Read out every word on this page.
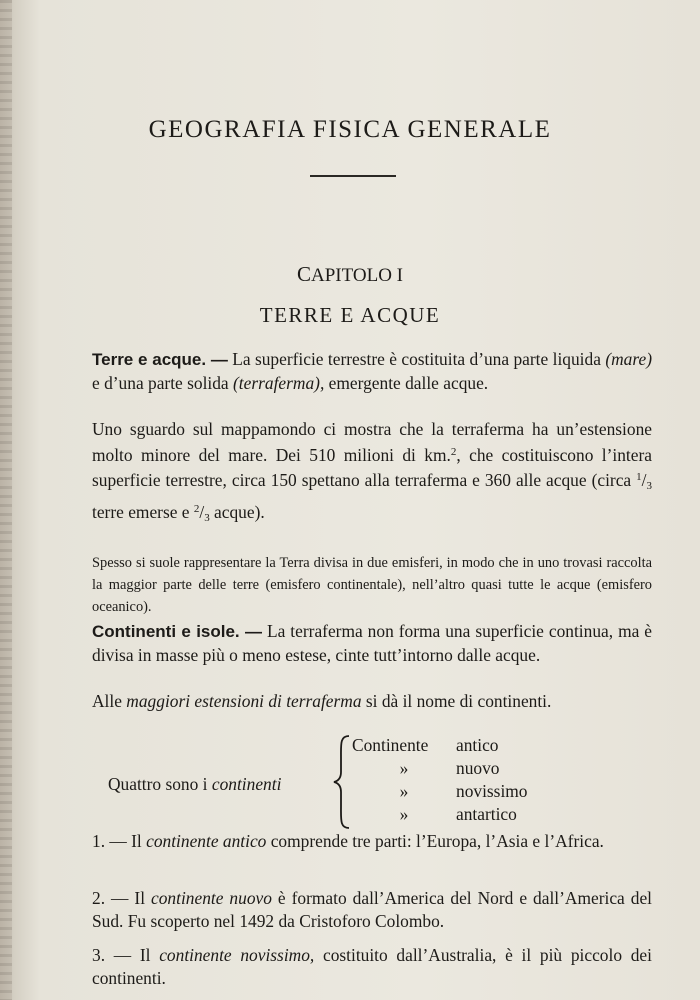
GEOGRAFIA FISICA GENERALE
CAPITOLO I
TERRE E ACQUE
Terre e acque. — La superficie terrestre è costituita d’una parte liquida (mare) e d’una parte solida (terraferma), emergente dalle acque.
Uno sguardo sul mappamondo ci mostra che la terraferma ha un’estensione molto minore del mare. Dei 510 milioni di km.$^2$, che costituiscono l’intera superficie terrestre, circa 150 spettano alla terraferma e 360 alle acque (circa $^1/_3$ terre emerse e $^2/_3$ acque).
Spesso si suole rappresentare la Terra divisa in due emisferi, in modo che in uno trovasi raccolta la maggior parte delle terre (emisfero continentale), nell’altro quasi tutte le acque (emisfero oceanico).
Continenti e isole. — La terraferma non forma una superficie continua, ma è divisa in masse più o meno estese, cinte tutt’intorno dalle acque.
Alle maggiori estensioni di terraferma si dà il nome di continenti.
Quattro sono i continenti
Continente antico
»	nuovo
»	novissimo
»	antartico
1. — Il continente antico comprende tre parti: l’Europa, l’Asia e l’Africa.
2. — Il continente nuovo è formato dall’America del Nord e dall’America del Sud. Fu scoperto nel 1492 da Cristoforo Colombo.
3. — Il continente novissimo, costituito dall’Australia, è il più piccolo dei continenti.
